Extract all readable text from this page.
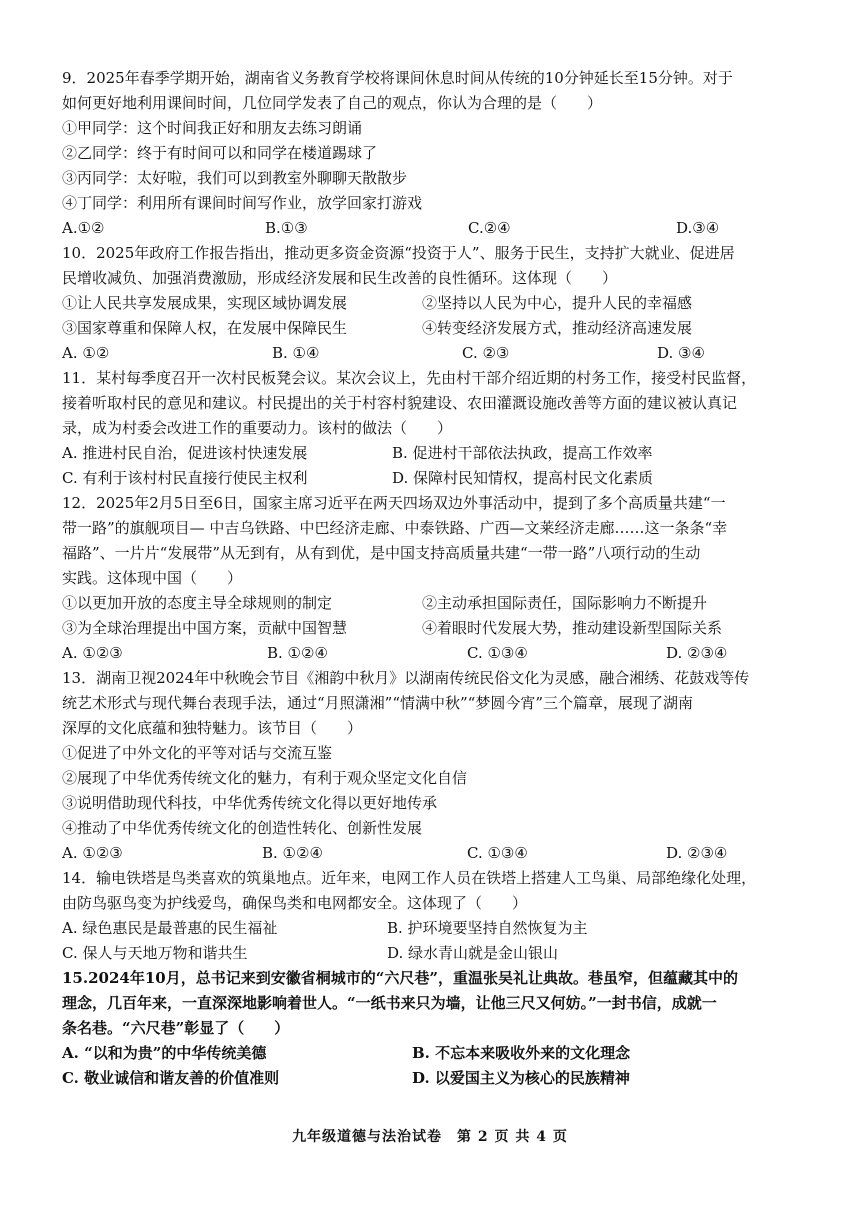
9．2025年春季学期开始，湖南省义务教育学校将课间休息时间从传统的10分钟延长至15分钟。对于
如何更好地利用课间时间，几位同学发表了自己的观点，你认为合理的是（　　）
①甲同学：这个时间我正好和朋友去练习朗诵
②乙同学：终于有时间可以和同学在楼道踢球了
③丙同学：太好啦，我们可以到教室外聊聊天散散步
④丁同学：利用所有课间时间写作业，放学回家打游戏
A.①②	B.①③	C.②④	D.③④
10．2025年政府工作报告指出，推动更多资金资源“投资于人”、服务于民生，支持扩大就业、促进居
民增收减负、加强消费激励，形成经济发展和民生改善的良性循环。这体现（　　）
①让人民共享发展成果，实现区域协调发展	②坚持以人民为中心，提升人民的幸福感
③国家尊重和保障人权，在发展中保障民生	④转变经济发展方式，推动经济高速发展
A. ①②	B. ①④	C. ②③	D. ③④
11．某村每季度召开一次村民板凳会议。某次会议上，先由村干部介绍近期的村务工作，接受村民监督，
接着听取村民的意见和建议。村民提出的关于村容村貌建设、农田灌溉设施改善等方面的建议被认真记
录，成为村委会改进工作的重要动力。该村的做法（　　）
A. 推进村民自治，促进该村快速发展	B. 促进村干部依法执政，提高工作效率
C. 有利于该村村民直接行使民主权利	D. 保障村民知情权，提高村民文化素质
12．2025年2月5日至6日，国家主席习近平在两天四场双边外事活动中，提到了多个高质量共建“一
带一路”的旗舰项目— 中吉乌铁路、中巴经济走廊、中泰铁路、广西—文莱经济走廊……这一条条“幸
福路”、一片片“发展带”从无到有，从有到优，是中国支持高质量共建“一带一路”八项行动的生动
实践。这体现中国（　　）
①以更加开放的态度主导全球规则的制定	②主动承担国际责任，国际影响力不断提升
③为全球治理提出中国方案，贡献中国智慧	④着眼时代发展大势，推动建设新型国际关系
A. ①②③	B. ①②④	C. ①③④	D. ②③④
13．湖南卫视2024年中秋晚会节目《湘韵中秋月》以湖南传统民俗文化为灵感，融合湘绣、花鼓戏等传
统艺术形式与现代舞台表现手法，通过“月照潇湘”“情满中秋”“梦圆今宵”三个篇章，展现了湖南
深厚的文化底蕴和独特魅力。该节目（　　）
①促进了中外文化的平等对话与交流互鉴
②展现了中华优秀传统文化的魅力，有利于观众坚定文化自信
③说明借助现代科技，中华优秀传统文化得以更好地传承
④推动了中华优秀传统文化的创造性转化、创新性发展
A. ①②③	B. ①②④	C. ①③④	D. ②③④
14．输电铁塔是鸟类喜欢的筑巢地点。近年来，电网工作人员在铁塔上搭建人工鸟巢、局部绝缘化处理，
由防鸟驱鸟变为护线爱鸟，确保鸟类和电网都安全。这体现了（　　）
A. 绿色惠民是最普惠的民生福祉	B. 护环境要坚持自然恢复为主
C. 保人与天地万物和谐共生	D. 绿水青山就是金山银山
15.2024年10月，总书记来到安徽省桐城市的“六尺巷”，重温张吴礼让典故。巷虽窄，但蕴藏其中的
理念，几百年来，一直深深地影响着世人。“一纸书来只为墙，让他三尺又何妨。”一封书信，成就一
条名巷。“六尺巷”彰显了（　　）
A. “以和为贵”的中华传统美德	B. 不忘本来吸收外来的文化理念
C. 敬业诚信和谐友善的价值准则	D. 以爱国主义为核心的民族精神
九年级道德与法治试卷　第 2 页 共 4 页
